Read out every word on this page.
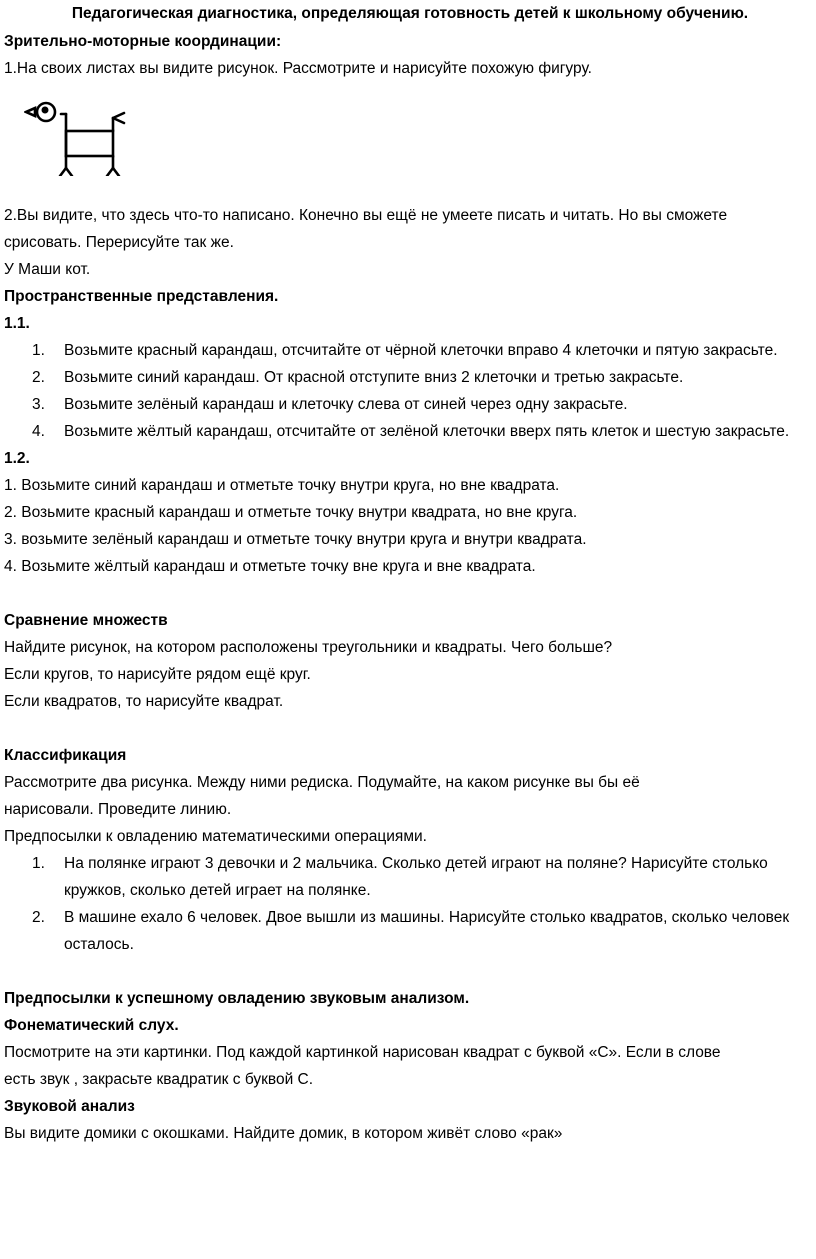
Педагогическая диагностика, определяющая готовность детей к школьному обучению.
Зрительно-моторные координации:
1.На своих листах вы видите рисунок. Рассмотрите и нарисуйте похожую фигуру.
2.Вы видите, что здесь что-то написано. Конечно вы ещё не умеете писать и читать. Но вы сможете
срисовать. Перерисуйте так же.
У Маши кот.
Пространственные представления.
1.1.
1. Возьмите красный карандаш, отсчитайте от чёрной клеточки вправо 4 клеточки и пятую закрасьте.
2. Возьмите синий карандаш. От красной отступите вниз 2 клеточки и третью закрасьте.
3. Возьмите зелёный карандаш и клеточку слева от синей через одну закрасьте.
4. Возьмите жёлтый карандаш, отсчитайте от зелёной клеточки вверх пять клеток и шестую закрасьте.
1.2.
1. Возьмите синий карандаш и отметьте точку внутри круга, но вне квадрата.
2. Возьмите красный карандаш и отметьте точку внутри квадрата, но вне круга.
3. возьмите зелёный карандаш и отметьте точку внутри круга и внутри квадрата.
4. Возьмите жёлтый карандаш и отметьте точку вне круга и вне квадрата.
Сравнение множеств
Найдите рисунок, на котором расположены треугольники и квадраты. Чего больше?
Если кругов, то нарисуйте рядом ещё круг.
Если квадратов, то нарисуйте квадрат.
Классификация
Рассмотрите два рисунка. Между ними редиска. Подумайте, на каком рисунке вы бы её
нарисовали. Проведите линию.
Предпосылки к овладению математическими операциями.
1. На полянке играют 3 девочки и 2 мальчика. Сколько детей играют на поляне? Нарисуйте столько кружков, сколько детей играет на полянке.
2. В машине ехало 6 человек. Двое вышли из машины. Нарисуйте столько квадратов, сколько человек осталось.
Предпосылки к успешному овладению звуковым анализом.
Фонематический слух.
Посмотрите на эти картинки. Под каждой картинкой нарисован квадрат с буквой «С». Если в слове
есть звук , закрасьте квадратик с буквой С.
Звуковой анализ
Вы видите домики с окошками. Найдите домик, в котором живёт слово «рак»
